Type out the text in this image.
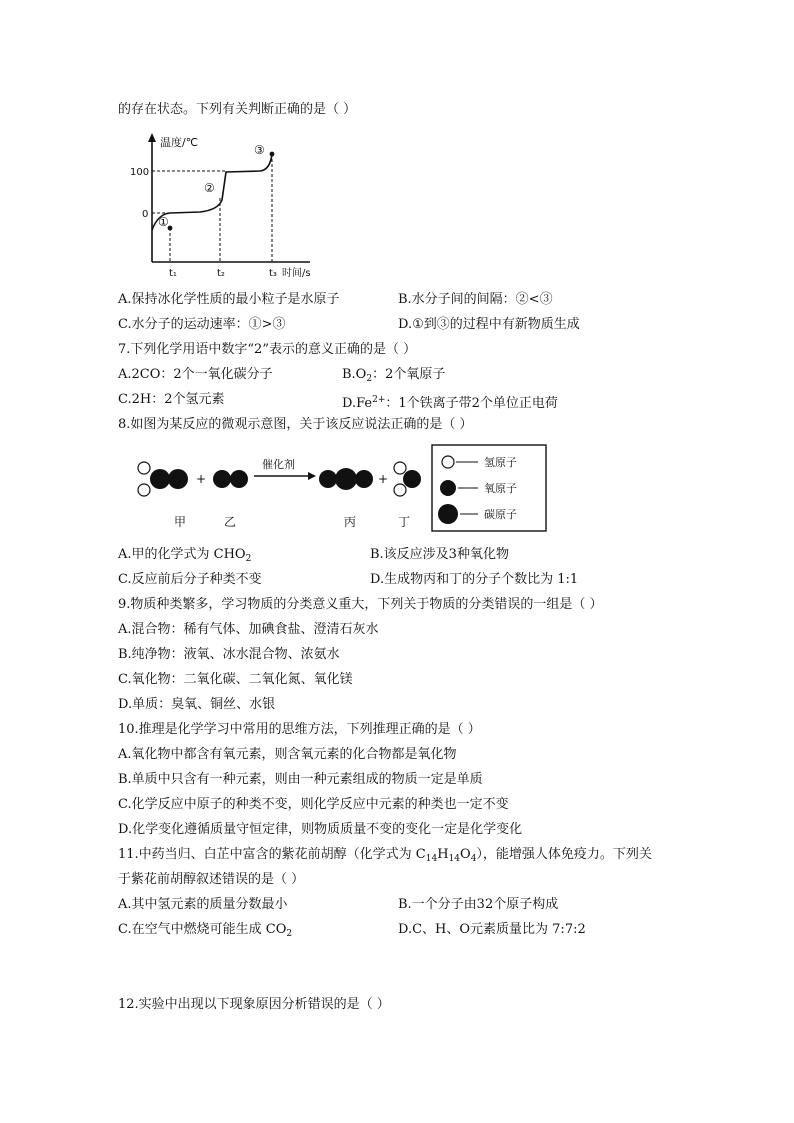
的存在状态。下列有关判断正确的是（ ）
温度/℃
100
0
①
②
③
t₁	t₂	t₃ 时间/s
A.保持冰化学性质的最小粒子是水原子	B.水分子间的间隔：②<③
C.水分子的运动速率：①>③	D.①到③的过程中有新物质生成
7.下列化学用语中数字“2”表示的意义正确的是（ ）
A.2CO：2个一氧化碳分子	$B.O_2$：2个氧原子
C.2H：2个氢元素	$D.Fe^{2+}$：1个铁离子带2个单位正电荷
8.如图为某反应的微观示意图，关于该反应说法正确的是（ ）
+
催化剂
+
甲	乙	丙	丁
氢原子
氧原子
碳原子
A.甲的化学式为 $CHO_2$	B.该反应涉及3种氧化物
C.反应前后分子种类不变	D.生成物丙和丁的分子个数比为 1:1
9.物质种类繁多，学习物质的分类意义重大，下列关于物质的分类错误的一组是（ ）
A.混合物：稀有气体、加碘食盐、澄清石灰水
B.纯净物：液氧、冰水混合物、浓氨水
C.氧化物：二氧化碳、二氧化氮、氧化镁
D.单质：臭氧、铜丝、水银
10.推理是化学学习中常用的思维方法，下列推理正确的是（ ）
A.氧化物中都含有氧元素，则含氧元素的化合物都是氧化物
B.单质中只含有一种元素，则由一种元素组成的物质一定是单质
C.化学反应中原子的种类不变，则化学反应中元素的种类也一定不变
D.化学变化遵循质量守恒定律，则物质质量不变的变化一定是化学变化
11.中药当归、白芷中富含的紫花前胡醇（化学式为 $C_{14}H_{14}O_4$），能增强人体免疫力。下列关
于紫花前胡醇叙述错误的是（ ）
A.其中氢元素的质量分数最小	B.一个分子由32个原子构成
C.在空气中燃烧可能生成 $CO_2$	D.C、H、O元素质量比为 7:7:2
12.实验中出现以下现象原因分析错误的是（ ）
